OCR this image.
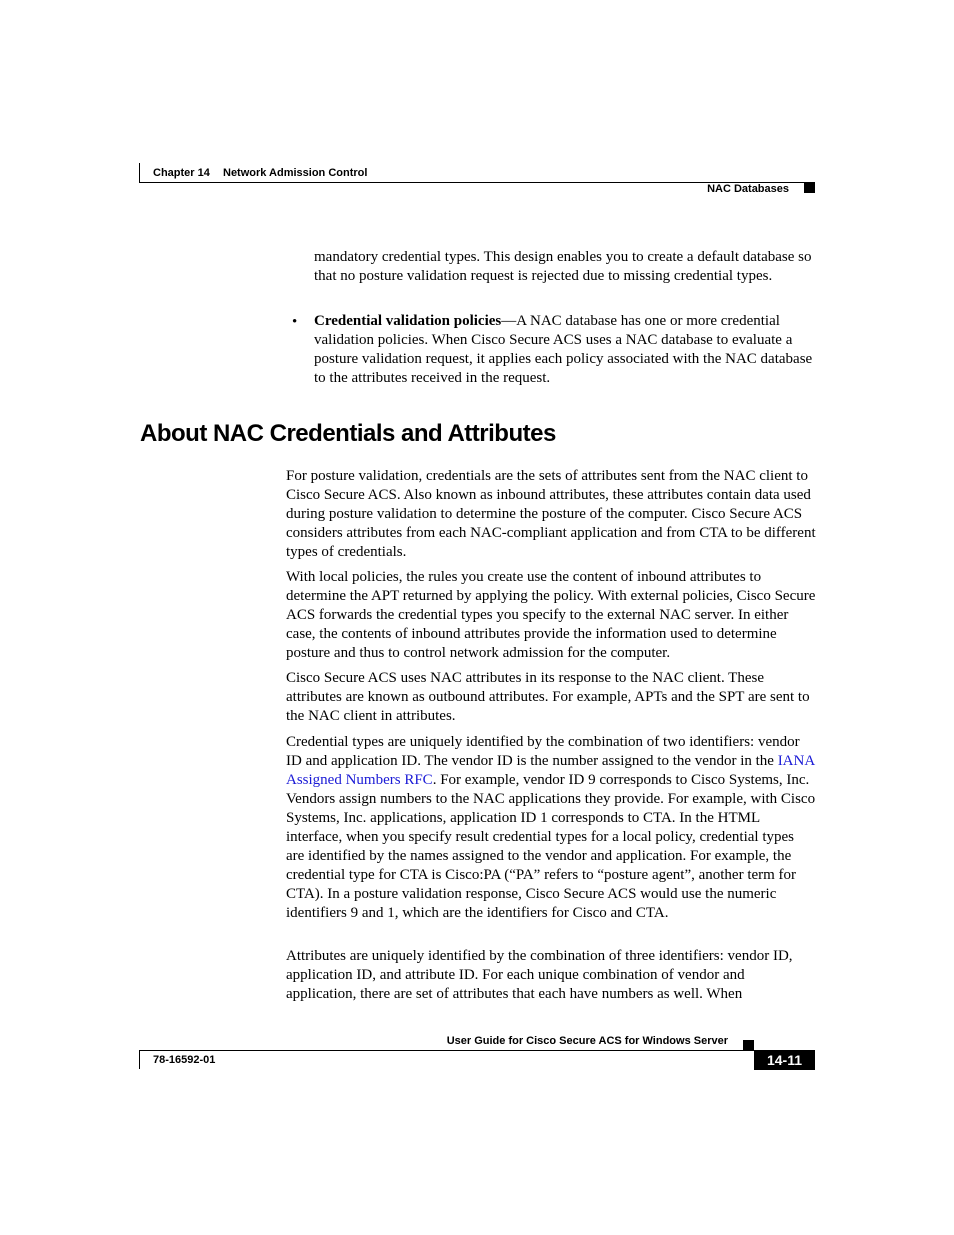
Chapter 14 Network Admission Control
NAC Databases

mandatory credential types. This design enables you to create a default database so that no posture validation request is rejected due to missing credential types.

• Credential validation policies—A NAC database has one or more credential validation policies. When Cisco Secure ACS uses a NAC database to evaluate a posture validation request, it applies each policy associated with the NAC database to the attributes received in the request.

About NAC Credentials and Attributes

For posture validation, credentials are the sets of attributes sent from the NAC client to Cisco Secure ACS. Also known as inbound attributes, these attributes contain data used during posture validation to determine the posture of the computer. Cisco Secure ACS considers attributes from each NAC-compliant application and from CTA to be different types of credentials.

With local policies, the rules you create use the content of inbound attributes to determine the APT returned by applying the policy. With external policies, Cisco Secure ACS forwards the credential types you specify to the external NAC server. In either case, the contents of inbound attributes provide the information used to determine posture and thus to control network admission for the computer.

Cisco Secure ACS uses NAC attributes in its response to the NAC client. These attributes are known as outbound attributes. For example, APTs and the SPT are sent to the NAC client in attributes.

Credential types are uniquely identified by the combination of two identifiers: vendor ID and application ID. The vendor ID is the number assigned to the vendor in the IANA Assigned Numbers RFC. For example, vendor ID 9 corresponds to Cisco Systems, Inc. Vendors assign numbers to the NAC applications they provide. For example, with Cisco Systems, Inc. applications, application ID 1 corresponds to CTA. In the HTML interface, when you specify result credential types for a local policy, credential types are identified by the names assigned to the vendor and application. For example, the credential type for CTA is Cisco:PA (“PA” refers to “posture agent”, another term for CTA). In a posture validation response, Cisco Secure ACS would use the numeric identifiers 9 and 1, which are the identifiers for Cisco and CTA.

Attributes are uniquely identified by the combination of three identifiers: vendor ID, application ID, and attribute ID. For each unique combination of vendor and application, there are set of attributes that each have numbers as well. When

User Guide for Cisco Secure ACS for Windows Server
78-16592-01	14-11
